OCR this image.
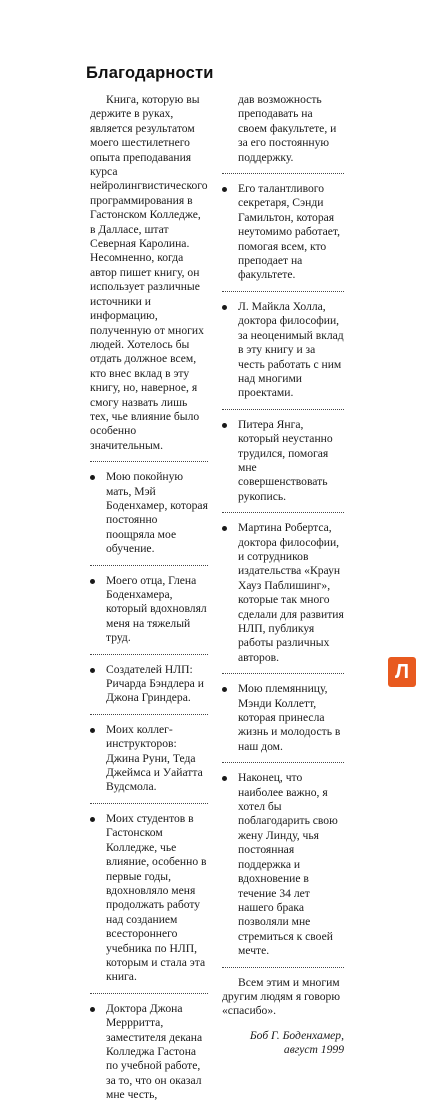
Благодарности

Книга, которую вы держите в руках, является результатом моего шестилетнего опыта преподавания курса нейролингвистического программирования в Гастонском Колледже, в Далласе, штат Северная Каролина. Несомненно, когда автор пишет книгу, он использует различные источники и информацию, полученную от многих людей. Хотелось бы отдать должное всем, кто внес вклад в эту книгу, но, наверное, я смогу назвать лишь тех, чье влияние было особенно значительным.

Мою покойную мать, Мэй Боденхамер, которая постоянно поощряла мое обучение.
Моего отца, Глена Боденхамера, который вдохновлял меня на тяжелый труд.
Создателей НЛП: Ричарда Бэндлера и Джона Гриндера.
Моих коллег-инструкторов: Джина Руни, Теда Джеймса и Уайатта Вудсмола.
Моих студентов в Гастонском Колледже, чье влияние, особенно в первые годы, вдохновляло меня продолжать работу над созданием всестороннего учебника по НЛП, которым и стала эта книга.
Доктора Джона Меррритта, заместителя декана Колледжа Гастона по учебной работе, за то, что он оказал мне честь,
дав возможность преподавать на своем факультете, и за его постоянную поддержку.
Его талантливого секретаря, Сэнди Гамильтон, которая неутомимо работает, помогая всем, кто преподает на факультете.
Л. Майкла Холла, доктора философии, за неоценимый вклад в эту книгу и за честь работать с ним над многими проектами.
Питера Янга, который неустанно трудился, помогая мне совершенствовать рукопись.
Мартина Робертса, доктора философии, и сотрудников издательства «Краун Хауз Паблишинг», которые так много сделали для развития НЛП, публикуя работы различных авторов.
Мою племянницу, Мэнди Коллетт, которая принесла жизнь и молодость в наш дом.
Наконец, что наиболее важно, я хотел бы поблагодарить свою жену Линду, чья постоянная поддержка и вдохновение в течение 34 лет нашего брака позволяли мне стремиться к своей мечте.

Всем этим и многим другим людям я говорю «спасибо».

Боб Г. Боденхамер,
август 1999

Л
